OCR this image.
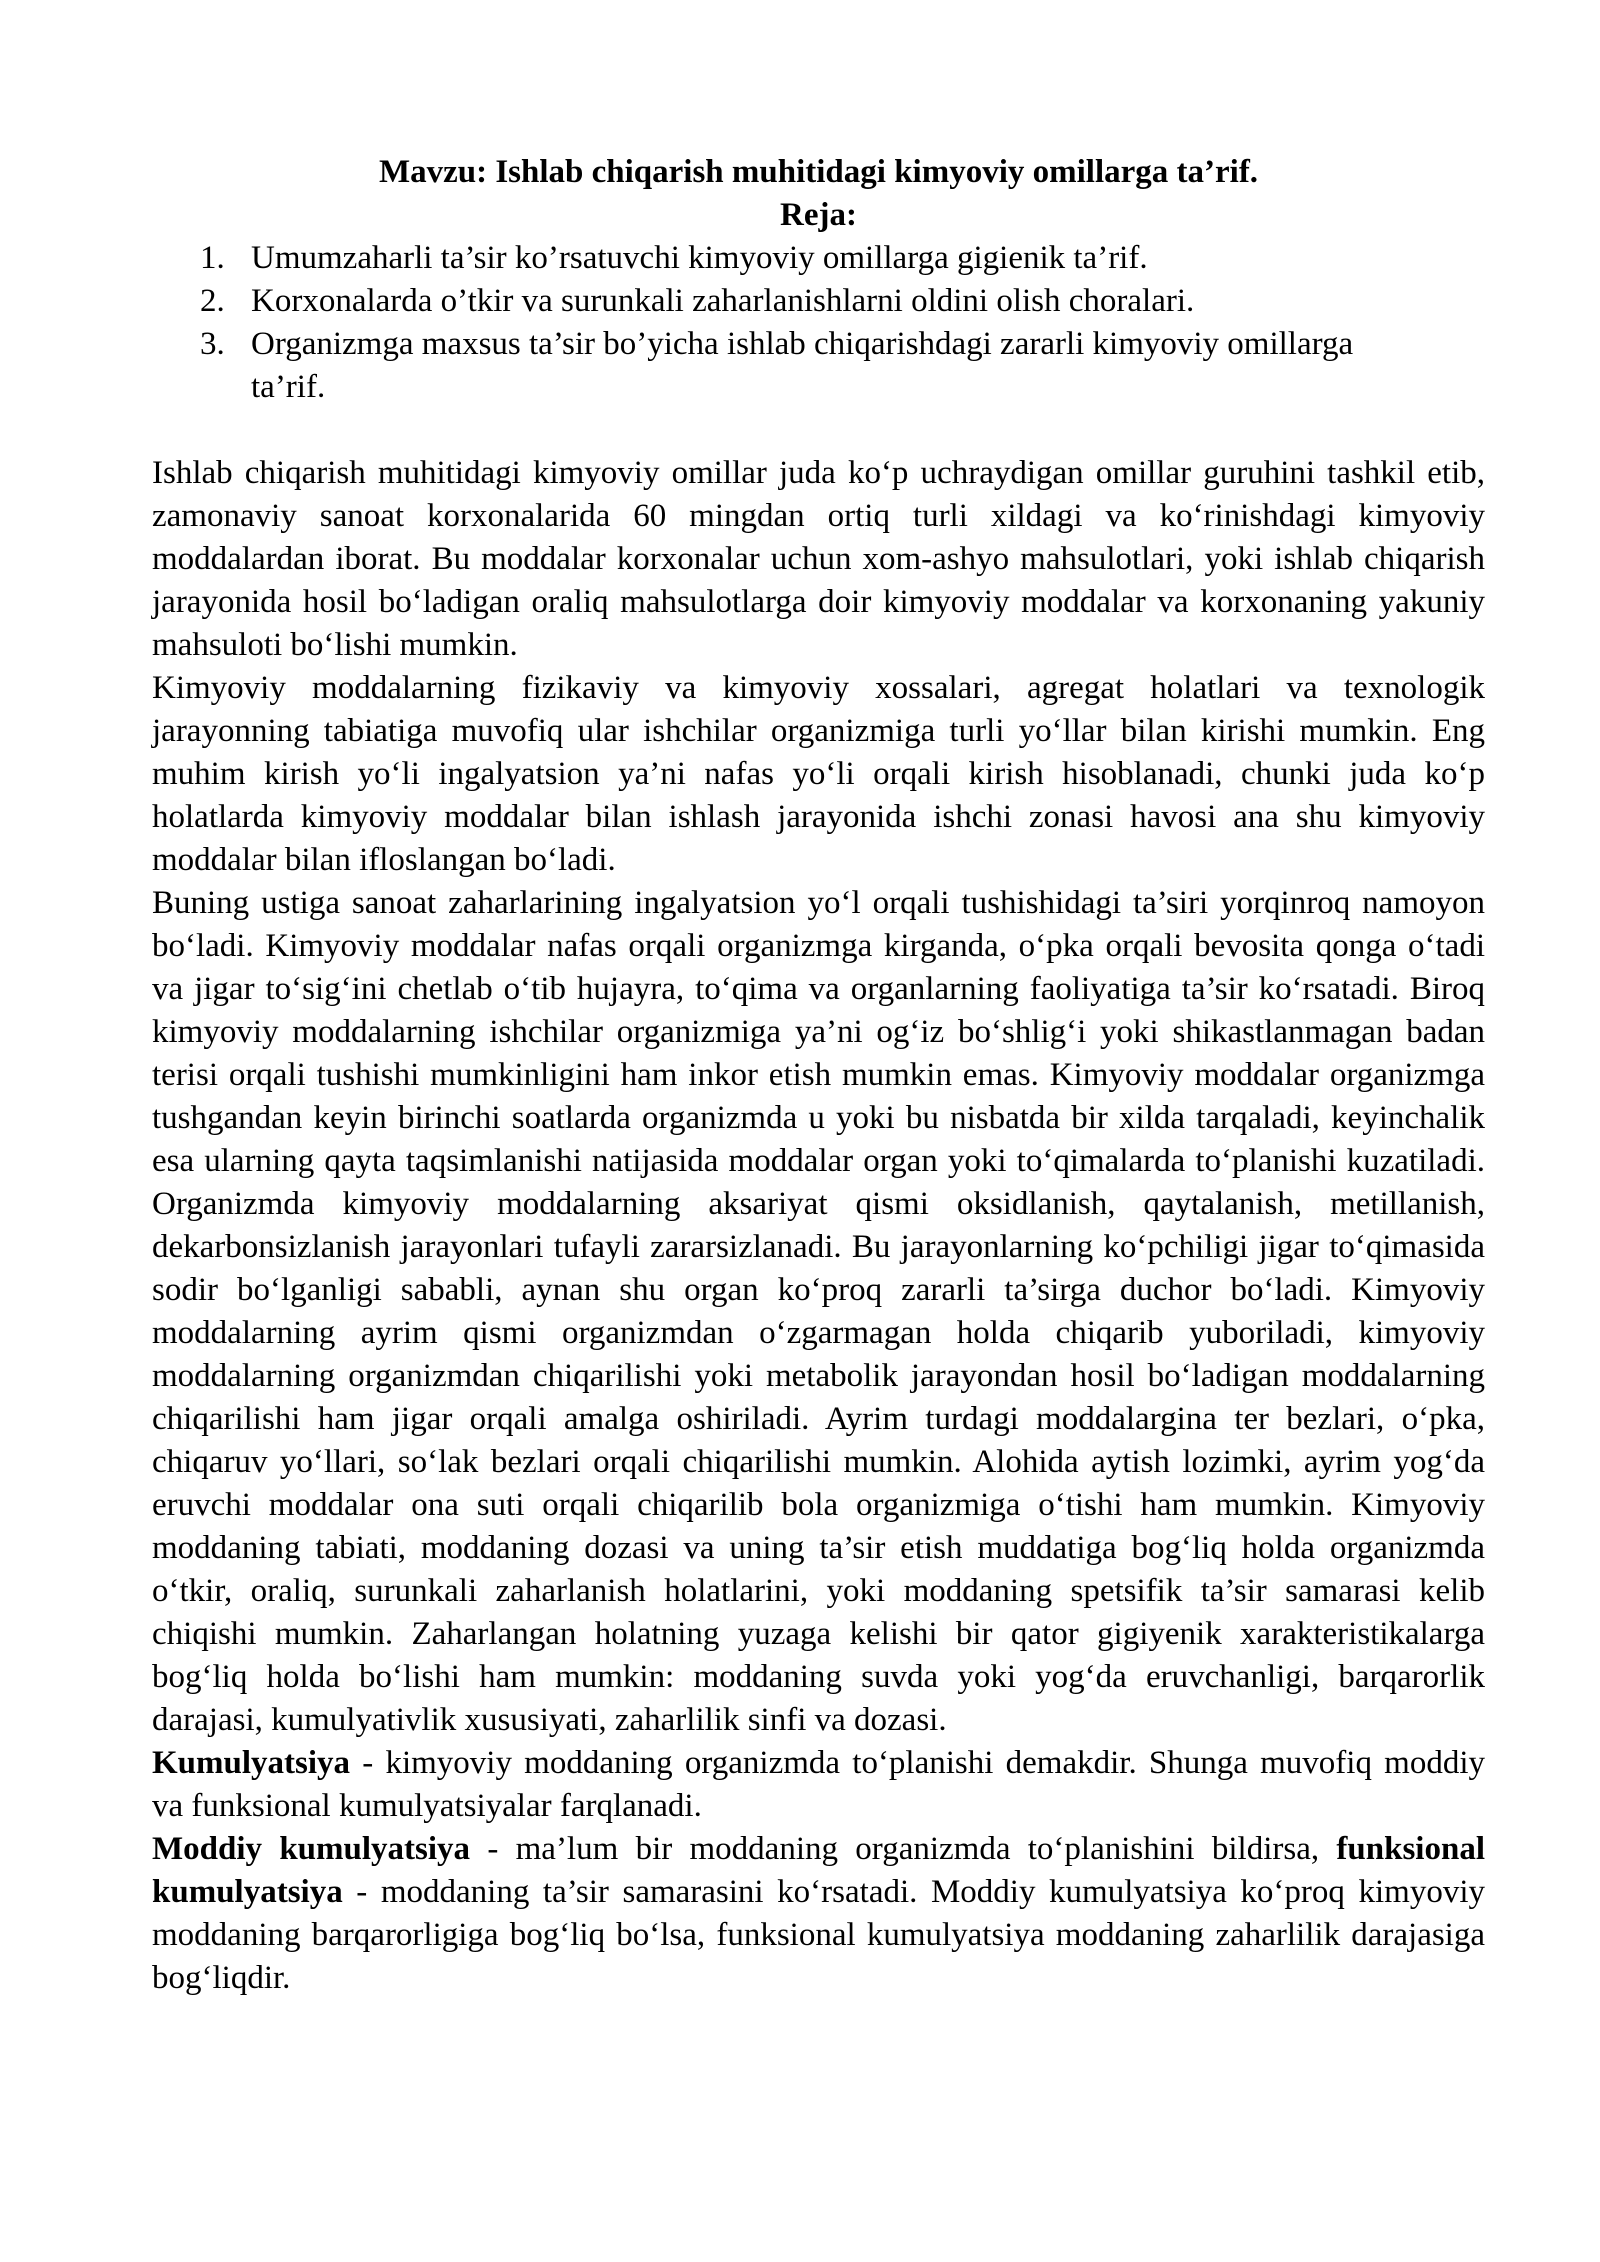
Mavzu: Ishlab chiqarish muhitidagi kimyoviy omillarga ta’rif.

Reja:

1. Umumzaharli ta’sir ko’rsatuvchi kimyoviy omillarga gigienik ta’rif.
2. Korxonalarda o’tkir va surunkali zaharlanishlarni oldini olish choralari.
3. Organizmga maxsus ta’sir bo’yicha ishlab chiqarishdagi zararli kimyoviy omillarga ta’rif.

Ishlab chiqarish muhitidagi kimyoviy omillar juda ko‘p uchraydigan omillar guruhini tashkil etib, zamonaviy sanoat korxonalarida 60 mingdan ortiq turli xildagi va ko‘rinishdagi kimyoviy moddalardan iborat. Bu moddalar korxonalar uchun xom-ashyo mahsulotlari, yoki ishlab chiqarish jarayonida hosil bo‘ladigan oraliq mahsulotlarga doir kimyoviy moddalar va korxonaning yakuniy mahsuloti bo‘lishi mumkin.

Kimyoviy moddalarning fizikaviy va kimyoviy xossalari, agregat holatlari va texnologik jarayonning tabiatiga muvofiq ular ishchilar organizmiga turli yo‘llar bilan kirishi mumkin. Eng muhim kirish yo‘li ingalyatsion ya’ni nafas yo‘li orqali kirish hisoblanadi, chunki juda ko‘p holatlarda kimyoviy moddalar bilan ishlash jarayonida ishchi zonasi havosi ana shu kimyoviy moddalar bilan ifloslangan bo‘ladi.

Buning ustiga sanoat zaharlarining ingalyatsion yo‘l orqali tushishidagi ta’siri yorqinroq namoyon bo‘ladi. Kimyoviy moddalar nafas orqali organizmga kirganda, o‘pka orqali bevosita qonga o‘tadi va jigar to‘sig‘ini chetlab o‘tib hujayra, to‘qima va organlarning faoliyatiga ta’sir ko‘rsatadi. Biroq kimyoviy moddalarning ishchilar organizmiga ya’ni og‘iz bo‘shlig‘i yoki shikastlanmagan badan terisi orqali tushishi mumkinligini ham inkor etish mumkin emas. Kimyoviy moddalar organizmga tushgandan keyin birinchi soatlarda organizmda u yoki bu nisbatda bir xilda tarqaladi, keyinchalik esa ularning qayta taqsimlanishi natijasida moddalar organ yoki to‘qimalarda to‘planishi kuzatiladi. Organizmda kimyoviy moddalarning aksariyat qismi oksidlanish, qaytalanish, metillanish, dekarbonsizlanish jarayonlari tufayli zararsizlanadi. Bu jarayonlarning ko‘pchiligi jigar to‘qimasida sodir bo‘lganligi sababli, aynan shu organ ko‘proq zararli ta’sirga duchor bo‘ladi. Kimyoviy moddalarning ayrim qismi organizmdan o‘zgarmagan holda chiqarib yuboriladi, kimyoviy moddalarning organizmdan chiqarilishi yoki metabolik jarayondan hosil bo‘ladigan moddalarning chiqarilishi ham jigar orqali amalga oshiriladi. Ayrim turdagi moddalargina ter bezlari, o‘pka, chiqaruv yo‘llari, so‘lak bezlari orqali chiqarilishi mumkin. Alohida aytish lozimki, ayrim yog‘da eruvchi moddalar ona suti orqali chiqarilib bola organizmiga o‘tishi ham mumkin. Kimyoviy moddaning tabiati, moddaning dozasi va uning ta’sir etish muddatiga bog‘liq holda organizmda o‘tkir, oraliq, surunkali zaharlanish holatlarini, yoki moddaning spetsifik ta’sir samarasi kelib chiqishi mumkin. Zaharlangan holatning yuzaga kelishi bir qator gigiyenik xarakteristikalarga bog‘liq holda bo‘lishi ham mumkin: moddaning suvda yoki yog‘da eruvchanligi, barqarorlik darajasi, kumulyativlik xususiyati, zaharlilik sinfi va dozasi.

Kumulyatsiya - kimyoviy moddaning organizmda to‘planishi demakdir. Shunga muvofiq moddiy va funksional kumulyatsiyalar farqlanadi.

Moddiy kumulyatsiya - ma’lum bir moddaning organizmda to‘planishini bildirsa, funksional kumulyatsiya - moddaning ta’sir samarasini ko‘rsatadi. Moddiy kumulyatsiya ko‘proq kimyoviy moddaning barqarorligiga bog‘liq bo‘lsa, funksional kumulyatsiya moddaning zaharlilik darajasiga bog‘liqdir.
